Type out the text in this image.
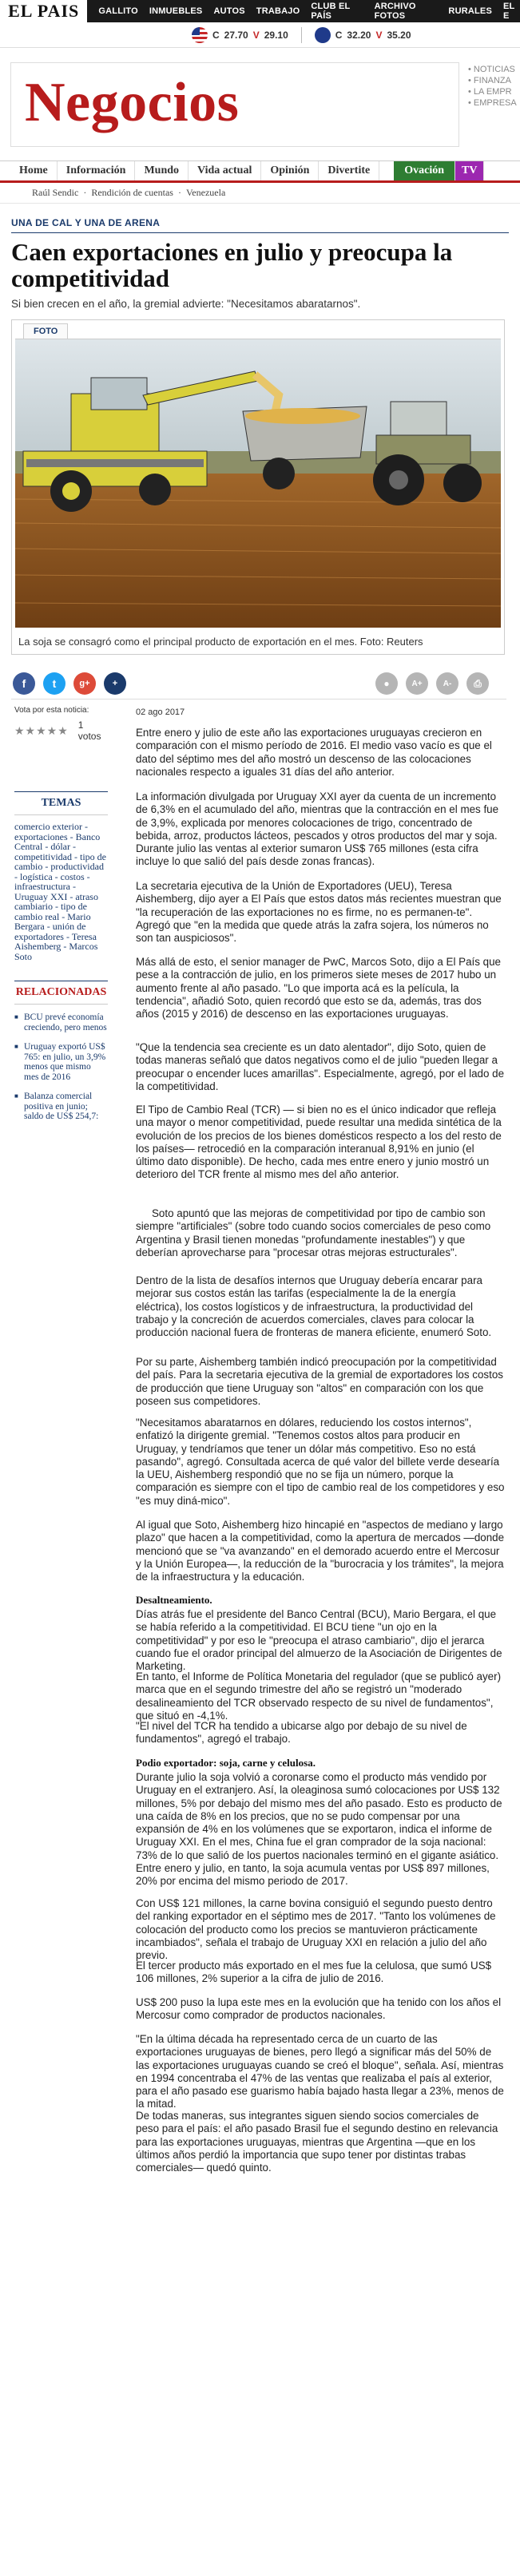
EL PAIS	GALLITO INMUEBLES AUTOS TRABAJO CLUB EL PAÍS
ARCHIVO FOTOS	RURALES EL E
C 27.70 V 29.10	C 32.20 V 35.20
Negocios
• NOTICIAS
• FINANZA
• LA EMPR
• EMPRESA
Home	Información	Mundo	Vida actual	Opinión	Divertite	Ovación	TV
Raúl Sendic · Rendición de cuentas · Venezuela
UNA DE CAL Y UNA DE ARENA
Caen exportaciones en julio y preocupa la competitividad
Si bien crecen en el año, la gremial advierte: "Necesitamos abaratarnos".
FOTO
La soja se consagró como el principal producto de exportación en el mes. Foto: Reuters
f	t	g+	+	●	A+	A-	⎙
Vota por esta noticia:
★★★★★ 1 votos
TEMAS
comercio exterior - exportaciones - Banco Central - dólar - competitividad - tipo de cambio - productividad - logística - costos - infraestructura - Uruguay XXI - atraso cambiario - tipo de cambio real - Mario Bergara - unión de exportadores - Teresa Aishemberg - Marcos Soto
RELACIONADAS
■ BCU prevé economía creciendo, pero menos
■ Uruguay exportó US$ 765: en julio, un 3,9% menos que mismo mes de 2016
■ Balanza comercial positiva en junio; saldo de US$ 254,7:
02 ago 2017

Entre enero y julio de este año las exportaciones uruguayas crecieron en comparación con el mismo período de 2016. El medio vaso vacío es que el dato del séptimo mes del año mostró un descenso de las colocaciones nacionales respecto a iguales 31 días del año anterior.

La información divulgada por Uruguay XXI ayer da cuenta de un incremento de 6,3% en el acumulado del año, mientras que la contracción en el mes fue de 3,9%, explicada por menores colocaciones de trigo, concentrado de bebida, arroz, productos lácteos, pescados y otros productos del mar y soja. Durante julio las ventas al exterior sumaron US$ 765 millones (esta cifra incluye lo que salió del país desde zonas francas).

La secretaria ejecutiva de la Unión de Exportadores (UEU), Teresa Aishemberg, dijo ayer a El País que estos datos más recientes muestran que "la recuperación de las exportaciones no es firme, no es permanen-te". Agregó que "en la medida que quede atrás la zafra sojera, los números no son tan auspiciosos".

Más allá de esto, el senior manager de PwC, Marcos Soto, dijo a El País que pese a la contracción de julio, en los primeros siete meses de 2017 hubo un aumento frente al año pasado. "Lo que importa acá es la película, la tendencia", añadió Soto, quien recordó que esto se da, además, tras dos años (2015 y 2016) de descenso en las exportaciones uruguayas.

"Que la tendencia sea creciente es un dato alentador", dijo Soto, quien de todas maneras señaló que datos negativos como el de julio "pueden llegar a preocupar o encender luces amarillas". Especialmente, agregó, por el lado de la competitividad.

El Tipo de Cambio Real (TCR) — si bien no es el único indicador que refleja una mayor o menor competitividad, puede resultar una medida sintética de la evolución de los precios de los bienes domésticos respecto a los del resto de los países— retrocedió en la comparación interanual 8,91% en junio (el último dato disponible). De hecho, cada mes entre enero y junio mostró un deterioro del TCR frente al mismo mes del año anterior.

Soto apuntó que las mejoras de competitividad por tipo de cambio son siempre "artificiales" (sobre todo cuando socios comerciales de peso como Argentina y Brasil tienen monedas "profundamente inestables") y que deberían aprovecharse para "procesar otras mejoras estructurales".

Dentro de la lista de desafíos internos que Uruguay debería encarar para mejorar sus costos están las tarifas (especialmente la de la energía eléctrica), los costos logísticos y de infraestructura, la productividad del trabajo y la concreción de acuerdos comerciales, claves para colocar la producción nacional fuera de fronteras de manera eficiente, enumeró Soto.

Por su parte, Aishemberg también indicó preocupación por la competitividad del país. Para la secretaria ejecutiva de la gremial de exportadores los costos de producción que tiene Uruguay son "altos" en comparación con los que poseen sus competidores.

"Necesitamos abaratarnos en dólares, reduciendo los costos internos", enfatizó la dirigente gremial. "Tenemos costos altos para producir en Uruguay, y tendríamos que tener un dólar más competitivo. Eso no está pasando", agregó. Consultada acerca de qué valor del billete verde desearía la UEU, Aishemberg respondió que no se fija un número, porque la comparación es siempre con el tipo de cambio real de los competidores y eso "es muy diná-mico".

Al igual que Soto, Aishemberg hizo hincapié en "aspectos de mediano y largo plazo" que hacen a la competitividad, como la apertura de mercados —donde mencionó que se "va avanzando" en el demorado acuerdo entre el Mercosur y la Unión Europea—, la reducción de la "burocracia y los trámites", la mejora de la infraestructura y la educación.

Desaltneamiento.

Días atrás fue el presidente del Banco Central (BCU), Mario Bergara, el que se había referido a la competitividad. El BCU tiene "un ojo en la competitividad" y por eso le "preocupa el atraso cambiario", dijo el jerarca cuando fue el orador principal del almuerzo de la Asociación de Dirigentes de Marketing.

En tanto, el Informe de Política Monetaria del regulador (que se publicó ayer) marca que en el segundo trimestre del año se registró un "moderado desalineamiento del TCR observado respecto de su nivel de fundamentos", que situó en -4,1%.

"El nivel del TCR ha tendido a ubicarse algo por debajo de su nivel de fundamentos", agregó el trabajo.

Podio exportador: soja, carne y celulosa.

Durante julio la soja volvió a coronarse como el producto más vendido por Uruguay en el extranjero. Así, la oleaginosa sumó colocaciones por US$ 132 millones, 5% por debajo del mismo mes del año pasado. Esto es producto de una caída de 8% en los precios, que no se pudo compensar por una expansión de 4% en los volúmenes que se exportaron, indica el informe de Uruguay XXI. En el mes, China fue el gran comprador de la soja nacional: 73% de lo que salió de los puertos nacionales terminó en el gigante asiático. Entre enero y julio, en tanto, la soja acumula ventas por US$ 897 millones, 20% por encima del mismo periodo de 2017.

Con US$ 121 millones, la carne bovina consiguió el segundo puesto dentro del ranking exportador en el séptimo mes de 2017. "Tanto los volúmenes de colocación del producto como los precios se mantuvieron prácticamente incambiados", señala el trabajo de Uruguay XXI en relación a julio del año previo.

El tercer producto más exportado en el mes fue la celulosa, que sumó US$ 106 millones, 2% superior a la cifra de julio de 2016.

US$ 200 puso la lupa este mes en la evolución que ha tenido con los años el Mercosur como comprador de productos nacionales.

"En la última década ha representado cerca de un cuarto de las exportaciones uruguayas de bienes, pero llegó a significar más del 50% de las exportaciones uruguayas cuando se creó el bloque", señala. Así, mientras en 1994 concentraba el 47% de las ventas que realizaba el país al exterior, para el año pasado ese guarismo había bajado hasta llegar a 23%, menos de la mitad.

De todas maneras, sus integrantes siguen siendo socios comerciales de peso para el país: el año pasado Brasil fue el segundo destino en relevancia para las exportaciones uruguayas, mientras que Argentina —que en los últimos años perdió la importancia que supo tener por distintas trabas comerciales— quedó quinto.
